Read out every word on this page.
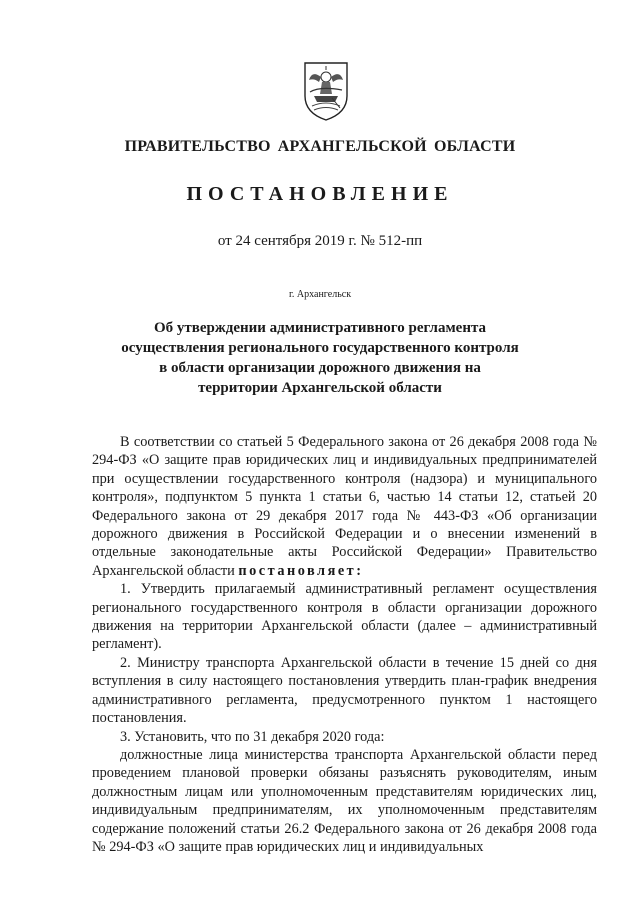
ПРАВИТЕЛЬСТВО АРХАНГЕЛЬСКОЙ ОБЛАСТИ
ПОСТАНОВЛЕНИЕ
от 24 сентября 2019 г. № 512-пп
г. Архангельск
Об утверждении административного регламента осуществления регионального государственного контроля в области организации дорожного движения на территории Архангельской области

В соответствии со статьей 5 Федерального закона от 26 декабря 2008 года № 294-ФЗ «О защите прав юридических лиц и индивидуальных предпринимателей при осуществлении государственного контроля (надзора) и муниципального контроля», подпунктом 5 пункта 1 статьи 6, частью 14 статьи 12, статьей 20 Федерального закона от 29 декабря 2017 года № 443-ФЗ «Об организации дорожного движения в Российской Федерации и о внесении изменений в отдельные законодательные акты Российской Федерации» Правительство Архангельской области постановляет:

1. Утвердить прилагаемый административный регламент осуществления регионального государственного контроля в области организации дорожного движения на территории Архангельской области (далее – административный регламент).

2. Министру транспорта Архангельской области в течение 15 дней со дня вступления в силу настоящего постановления утвердить план-график внедрения административного регламента, предусмотренного пунктом 1 настоящего постановления.

3. Установить, что по 31 декабря 2020 года:

должностные лица министерства транспорта Архангельской области перед проведением плановой проверки обязаны разъяснять руководителям, иным должностным лицам или уполномоченным представителям юридических лиц, индивидуальным предпринимателям, их уполномоченным представителям содержание положений статьи 26.2 Федерального закона от 26 декабря 2008 года № 294-ФЗ «О защите прав юридических лиц и индивидуальных
